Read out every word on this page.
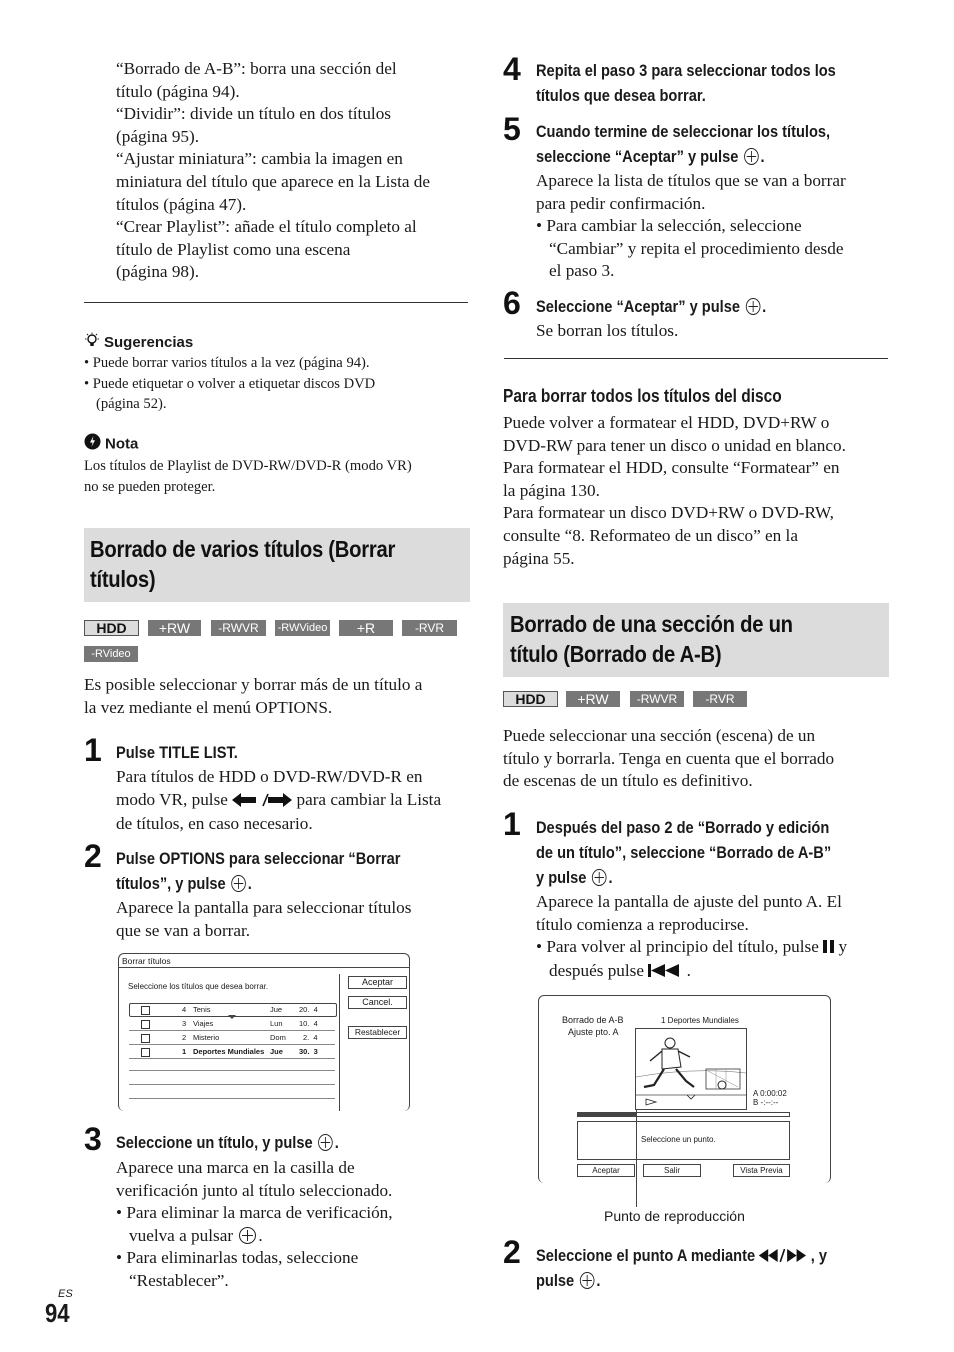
“Borrado de A-B”: borra una sección del

título (página 94).

“Dividir”: divide un título en dos títulos

(página 95).

“Ajustar miniatura”: cambia la imagen en

miniatura del título que aparece en la Lista de

títulos (página 47).

“Crear Playlist”: añade el título completo al

título de Playlist como una escena

(página 98).

Sugerencias
• Puede borrar varios títulos a la vez (página 94).
• Puede etiquetar o volver a etiquetar discos DVD
(página 52).
Nota
Los títulos de Playlist de DVD-RW/DVD-R (modo VR)
no se pueden proteger.
Borrado de varios títulos (Borrar
títulos)
HDD	+RW	-RWVR	-RWVideo	+R	-RVR
-RVideo

Es posible seleccionar y borrar más de un título a

la vez mediante el menú OPTIONS.

1 Pulse TITLE LIST.

Para títulos de HDD o DVD-RW/DVD-R en

modo VR, pulse	para cambiar la Lista

de títulos, en caso necesario.

2 Pulse OPTIONS para seleccionar “Borrar
títulos”, y pulse .

Aparece la pantalla para seleccionar títulos

que se van a borrar.

Borrar títulos
Seleccione los títulos que desea borrar.	Aceptar
Cancel.
Restablecer
4 Tenis	Jue 20.  4
3 Viajes	Lun 10.  4
2 Misterio	Dom 2.  4
1 Deportes Mundiales Jue 30.  3
3 Seleccione un título, y pulse .

Aparece una marca en la casilla de

verificación junto al título seleccionado.

• Para eliminar la marca de verificación,

vuelva a pulsar .

• Para eliminarlas todas, seleccione

“Restablecer”.

4 Repita el paso 3 para seleccionar todos los
títulos que desea borrar.
5 Cuando termine de seleccionar los títulos,
seleccione “Aceptar” y pulse .

Aparece la lista de títulos que se van a borrar

para pedir confirmación.

• Para cambiar la selección, seleccione

“Cambiar” y repita el procedimiento desde

el paso 3.

6 Seleccione “Aceptar” y pulse .
Se borran los títulos.
Para borrar todos los títulos del disco

Puede volver a formatear el HDD, DVD+RW o

DVD-RW para tener un disco o unidad en blanco.

Para formatear el HDD, consulte “Formatear” en

la página 130.

Para formatear un disco DVD+RW o DVD-RW,

consulte “8. Reformateo de un disco” en la

página 55.

Borrado de una sección de un
título (Borrado de A-B)
HDD	+RW	-RWVR	-RVR

Puede seleccionar una sección (escena) de un

título y borrarla. Tenga en cuenta que el borrado

de escenas de un título es definitivo.

1 Después del paso 2 de “Borrado y edición
de un título”, seleccione “Borrado de A-B”
y pulse .

Aparece la pantalla de ajuste del punto A. El

título comienza a reproducirse.

• Para volver al principio del título, pulse y

después pulse  .

Borrado de A-B
Ajuste pto. A
1 Deportes Mundiales
A 0:00:02
B -:--:--
Seleccione un punto.
Aceptar	Salir	Vista Previa
Punto de reproducción
2 Seleccione el punto A mediante	, y
pulse .
ES
94
